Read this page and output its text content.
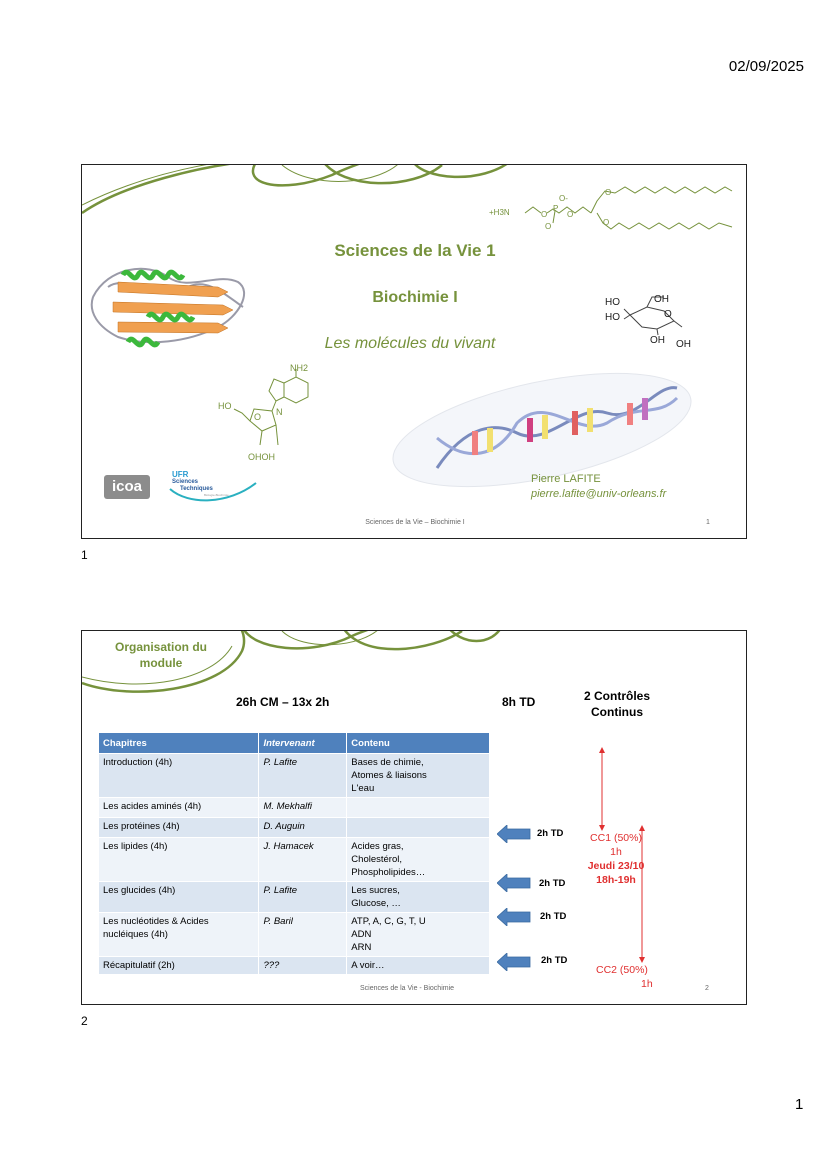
02/09/2025
Sciences de la Vie 1
Biochimie I
Les molécules du vivant
+H3N	O
P
O-
O
O
O
O
HO
HO
OH
OH OH
O
NH2
HO
OHOH
O N
Pierre LAFITE
pierre.lafite@univ-orleans.fr
icoa
UFR
Sciences
Techniques
Biologie-Biochimie
Sciences de la Vie – Biochimie I	1
1
Organisation du
module
26h CM – 13x 2h	8h TD	2 Contrôles
Continus
Chapitres	Intervenant	Contenu
Introduction (4h)	P. Lafite	Bases de chimie,
Atomes & liaisons
L'eau

Les acides aminés (4h)	M. Mekhalfi	
Les protéines (4h)	D. Auguin	
Les lipides (4h)	J. Hamacek	Acides gras,
Cholestérol,
Phospholipides…

Les glucides (4h)	P. Lafite	Les sucres,
Glucose, …

Les nucléotides & Acides nucléiques (4h)	P. Baril	ATP, A, C, G, T, U
ADN
ARN

Récapitulatif (2h)	???	A voir…
2h TD
2h TD
2h TD
2h TD
CC1 (50%)
1h
Jeudi 23/10
18h-19h
CC2 (50%)
1h
Sciences de la Vie - Biochimie	2
2
1
